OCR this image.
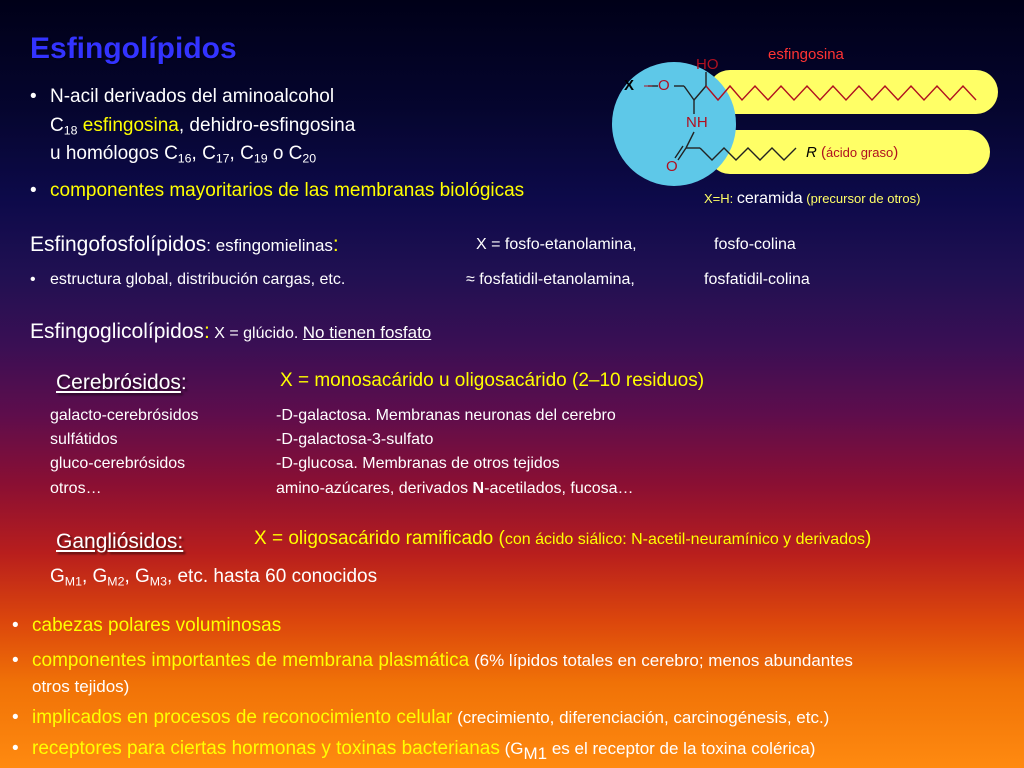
Esfingolípidos
• N-acil derivados del aminoalcohol
$C_{18}$ esfingosina, dehidro-esfingosina
u homólogos $C_{16}$, $C_{17}$, $C_{19}$ o $C_{20}$
• componentes mayoritarios de las membranas biológicas
esfingosina
X – O
HO
NH
O
R (ácido graso)
X=H: ceramida (precursor de otros)
Esfingofosfolípidos: esfingomielinas:	X = fosfo-etanolamina,	fosfo-colina
• estructura global, distribución cargas, etc.	≈ fosfatidil-etanolamina,	fosfatidil-colina
Esfingoglicolípidos: X = glúcido. No tienen fosfato
Cerebrósidos:	X = monosacárido u oligosacárido (2–10 residuos)
galacto-cerebrósidos	-D-galactosa. Membranas neuronas del cerebro
sulfátidos	-D-galactosa-3-sulfato
gluco-cerebrósidos	-D-glucosa. Membranas de otros tejidos
otros…	amino-azúcares, derivados N-acetilados, fucosa…
Gangliósidos:	X = oligosacárido ramificado (con ácido siálico: N-acetil-neuramínico y derivados)
$G_{M1}$, $G_{M2}$, $G_{M3}$, etc. hasta 60 conocidos
• cabezas polares voluminosas
• componentes importantes de membrana plasmática (6% lípidos totales en cerebro; menos abundantes
otros tejidos)
• implicados en procesos de reconocimiento celular (crecimiento, diferenciación, carcinogénesis, etc.)
• receptores para ciertas hormonas y toxinas bacterianas ($G_{M1}$ es el receptor de la toxina colérica)
